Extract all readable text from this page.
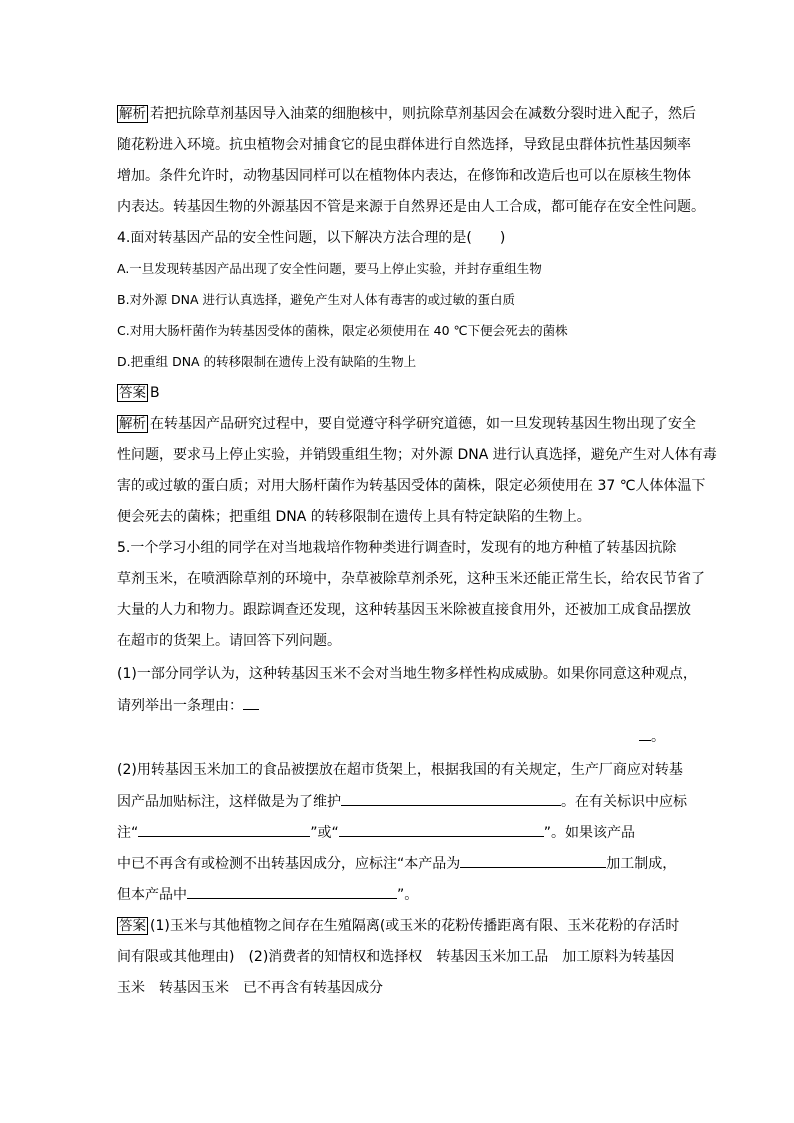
解析 若把抗除草剂基因导入油菜的细胞核中，则抗除草剂基因会在减数分裂时进入配子，然后
随花粉进入环境。抗虫植物会对捕食它的昆虫群体进行自然选择，导致昆虫群体抗性基因频率
增加。条件允许时，动物基因同样可以在植物体内表达，在修饰和改造后也可以在原核生物体
内表达。转基因生物的外源基因不管是来源于自然界还是由人工合成，都可能存在安全性问题。
4.面对转基因产品的安全性问题，以下解决方法合理的是(　　)
A.一旦发现转基因产品出现了安全性问题，要马上停止实验，并封存重组生物
B.对外源 DNA 进行认真选择，避免产生对人体有毒害的或过敏的蛋白质
C.对用大肠杆菌作为转基因受体的菌株，限定必须使用在 40 ℃下便会死去的菌株
D.把重组 DNA 的转移限制在遗传上没有缺陷的生物上
答案 B
解析 在转基因产品研究过程中，要自觉遵守科学研究道德，如一旦发现转基因生物出现了安全
性问题，要求马上停止实验，并销毁重组生物；对外源 DNA 进行认真选择，避免产生对人体有毒
害的或过敏的蛋白质；对用大肠杆菌作为转基因受体的菌株，限定必须使用在 37 ℃人体体温下
便会死去的菌株；把重组 DNA 的转移限制在遗传上具有特定缺陷的生物上。
5.一个学习小组的同学在对当地栽培作物种类进行调查时，发现有的地方种植了转基因抗除
草剂玉米，在喷洒除草剂的环境中，杂草被除草剂杀死，这种玉米还能正常生长，给农民节省了
大量的人力和物力。跟踪调查还发现，这种转基因玉米除被直接食用外，还被加工成食品摆放
在超市的货架上。请回答下列问题。
(1)一部分同学认为，这种转基因玉米不会对当地生物多样性构成威胁。如果你同意这种观点，
请列举出一条理由：
。
(2)用转基因玉米加工的食品被摆放在超市货架上，根据我国的有关规定，生产厂商应对转基
因产品加贴标注，这样做是为了维护	。在有关标识中应标
注“	”或“	”。如果该产品
中已不再含有或检测不出转基因成分，应标注“本产品为	加工制成，
但本产品中	”。
答案 (1)玉米与其他植物之间存在生殖隔离(或玉米的花粉传播距离有限、玉米花粉的存活时
间有限或其他理由)　(2)消费者的知情权和选择权　转基因玉米加工品　加工原料为转基因
玉米　转基因玉米　已不再含有转基因成分
